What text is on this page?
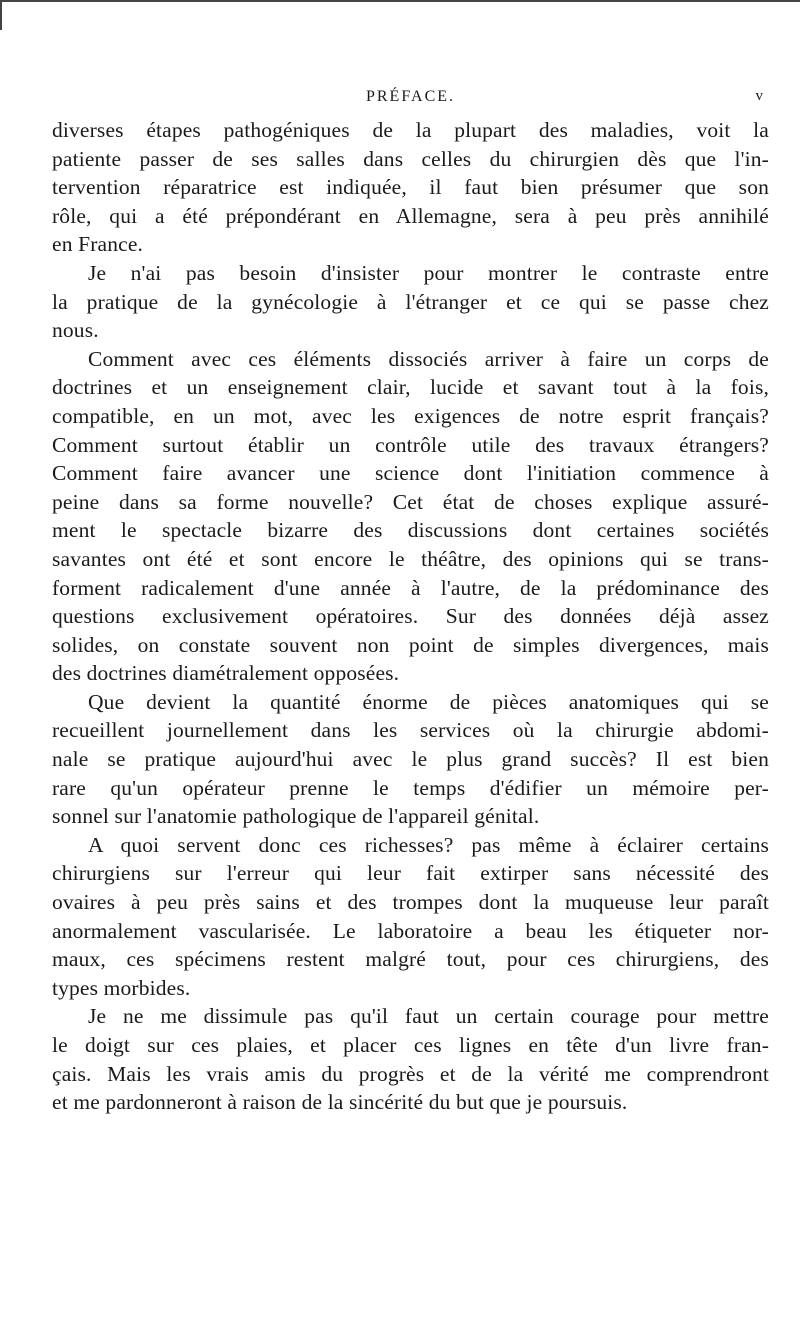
PRÉFACE.	v

diverses étapes pathogéniques de la plupart des maladies, voit la
patiente passer de ses salles dans celles du chirurgien dès que l'in-
tervention réparatrice est indiquée, il faut bien présumer que son
rôle, qui a été prépondérant en Allemagne, sera à peu près annihilé
en France.

Je n'ai pas besoin d'insister pour montrer le contraste entre
la pratique de la gynécologie à l'étranger et ce qui se passe chez
nous.

Comment avec ces éléments dissociés arriver à faire un corps de
doctrines et un enseignement clair, lucide et savant tout à la fois,
compatible, en un mot, avec les exigences de notre esprit français?
Comment surtout établir un contrôle utile des travaux étrangers?
Comment faire avancer une science dont l'initiation commence à
peine dans sa forme nouvelle? Cet état de choses explique assuré-
ment le spectacle bizarre des discussions dont certaines sociétés
savantes ont été et sont encore le théâtre, des opinions qui se trans-
forment radicalement d'une année à l'autre, de la prédominance des
questions exclusivement opératoires. Sur des données déjà assez
solides, on constate souvent non point de simples divergences, mais
des doctrines diamétralement opposées.

Que devient la quantité énorme de pièces anatomiques qui se
recueillent journellement dans les services où la chirurgie abdomi-
nale se pratique aujourd'hui avec le plus grand succès? Il est bien
rare qu'un opérateur prenne le temps d'édifier un mémoire per-
sonnel sur l'anatomie pathologique de l'appareil génital.

A quoi servent donc ces richesses? pas même à éclairer certains
chirurgiens sur l'erreur qui leur fait extirper sans nécessité des
ovaires à peu près sains et des trompes dont la muqueuse leur paraît
anormalement vascularisée. Le laboratoire a beau les étiqueter nor-
maux, ces spécimens restent malgré tout, pour ces chirurgiens, des
types morbides.

Je ne me dissimule pas qu'il faut un certain courage pour mettre
le doigt sur ces plaies, et placer ces lignes en tête d'un livre fran-
çais. Mais les vrais amis du progrès et de la vérité me comprendront
et me pardonneront à raison de la sincérité du but que je poursuis.
